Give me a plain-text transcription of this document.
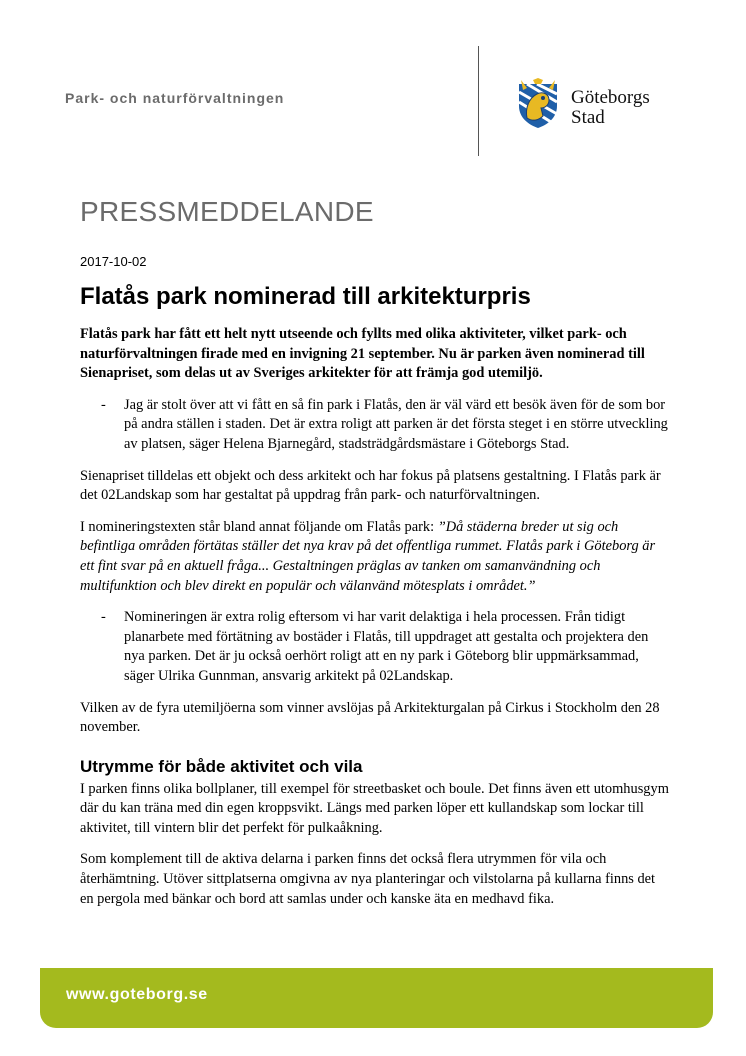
Park- och naturförvaltningen	Göteborgs
Stad
PRESSMEDDELANDE
2017-10-02
Flatås park nominerad till arkitekturpris

Flatås park har fått ett helt nytt utseende och fyllts med olika aktiviteter, vilket park- och naturförvaltningen firade med en invigning 21 september. Nu är parken även nominerad till Sienapriset, som delas ut av Sveriges arkitekter för att främja god utemiljö.

- Jag är stolt över att vi fått en så fin park i Flatås, den är väl värd ett besök även för de som bor på andra ställen i staden. Det är extra roligt att parken är det första steget i en större utveckling av platsen, säger Helena Bjarnegård, stadsträdgårdsmästare i Göteborgs Stad.

Sienapriset tilldelas ett objekt och dess arkitekt och har fokus på platsens gestaltning. I Flatås park är det 02Landskap som har gestaltat på uppdrag från park- och naturförvaltningen.

I nomineringstexten står bland annat följande om Flatås park: ”Då städerna breder ut sig och befintliga områden förtätas ställer det nya krav på det offentliga rummet. Flatås park i Göteborg är ett fint svar på en aktuell fråga... Gestaltningen präglas av tanken om samanvändning och multifunktion och blev direkt en populär och välanvänd mötesplats i området.”

- Nomineringen är extra rolig eftersom vi har varit delaktiga i hela processen. Från tidigt planarbete med förtätning av bostäder i Flatås, till uppdraget att gestalta och projektera den nya parken. Det är ju också oerhört roligt att en ny park i Göteborg blir uppmärksammad, säger Ulrika Gunnman, ansvarig arkitekt på 02Landskap.

Vilken av de fyra utemiljöerna som vinner avslöjas på Arkitekturgalan på Cirkus i Stockholm den 28 november.

Utrymme för både aktivitet och vila

I parken finns olika bollplaner, till exempel för streetbasket och boule. Det finns även ett utomhusgym där du kan träna med din egen kroppsvikt. Längs med parken löper ett kullandskap som lockar till aktivitet, till vintern blir det perfekt för pulkaåkning.

Som komplement till de aktiva delarna i parken finns det också flera utrymmen för vila och återhämtning. Utöver sittplatserna omgivna av nya planteringar och vilstolarna på kullarna finns det en pergola med bänkar och bord att samlas under och kanske äta en medhavd fika.

www.goteborg.se
